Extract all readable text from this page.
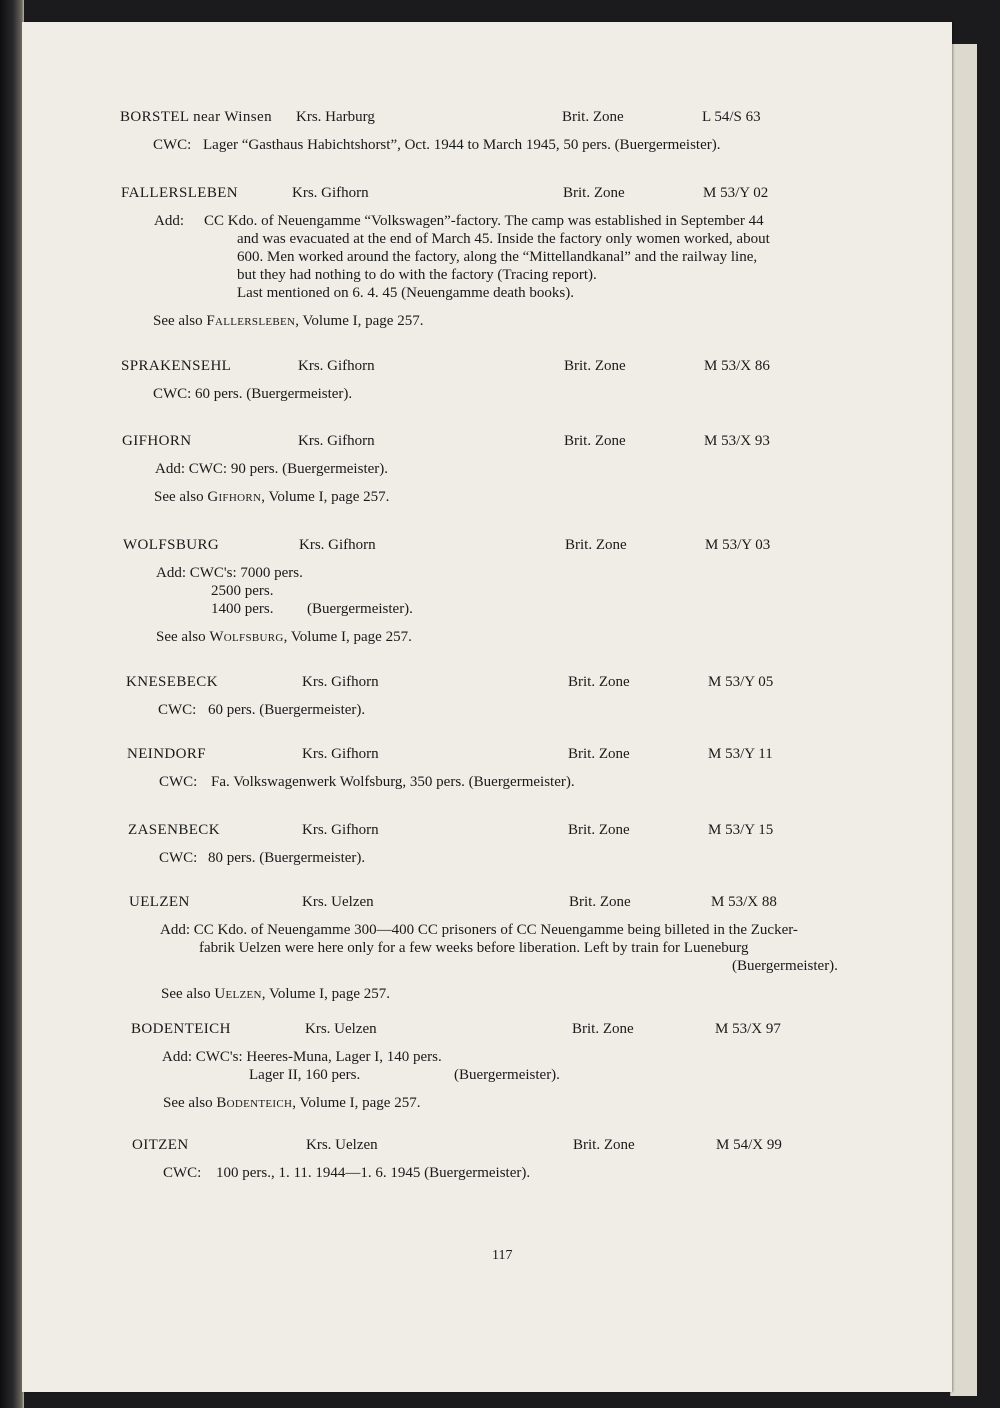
BORSTEL near Winsen Krs. Harburg	Brit. Zone	L 54/S 63
CWC: Lager “Gasthaus Habichtshorst”, Oct. 1944 to March 1945, 50 pers. (Buergermeister).
FALLERSLEBEN	Krs. Gifhorn	Brit. Zone	M 53/Y 02
Add: CC Kdo. of Neuengamme “Volkswagen”-factory. The camp was established in September 44
and was evacuated at the end of March 45. Inside the factory only women worked, about
600. Men worked around the factory, along the “Mittellandkanal” and the railway line,
but they had nothing to do with the factory (Tracing report).
Last mentioned on 6. 4. 45 (Neuengamme death books).
See also Fallersleben, Volume I, page 257.
SPRAKENSEHL	Krs. Gifhorn	Brit. Zone	M 53/X 86
CWC: 60 pers. (Buergermeister).
GIFHORN	Krs. Gifhorn	Brit. Zone	M 53/X 93
Add: CWC: 90 pers. (Buergermeister).
See also Gifhorn, Volume I, page 257.
WOLFSBURG	Krs. Gifhorn	Brit. Zone	M 53/Y 03
Add: CWC's: 7000 pers.
2500 pers.
1400 pers. (Buergermeister).
See also Wolfsburg, Volume I, page 257.
KNESEBECK	Krs. Gifhorn	Brit. Zone	M 53/Y 05
CWC: 60 pers. (Buergermeister).
NEINDORF	Krs. Gifhorn	Brit. Zone	M 53/Y 11
CWC: Fa. Volkswagenwerk Wolfsburg, 350 pers. (Buergermeister).
ZASENBECK	Krs. Gifhorn	Brit. Zone	M 53/Y 15
CWC: 80 pers. (Buergermeister).
UELZEN	Krs. Uelzen	Brit. Zone	M 53/X 88
Add: CC Kdo. of Neuengamme 300—400 CC prisoners of CC Neuengamme being billeted in the Zucker-
fabrik Uelzen were here only for a few weeks before liberation. Left by train for Lueneburg
(Buergermeister).
See also Uelzen, Volume I, page 257.
BODENTEICH	Krs. Uelzen	Brit. Zone	M 53/X 97
Add: CWC's: Heeres-Muna, Lager I, 140 pers.
Lager II, 160 pers.	(Buergermeister).
See also Bodenteich, Volume I, page 257.
OITZEN	Krs. Uelzen	Brit. Zone	M 54/X 99
CWC: 100 pers., 1. 11. 1944—1. 6. 1945 (Buergermeister).
117
